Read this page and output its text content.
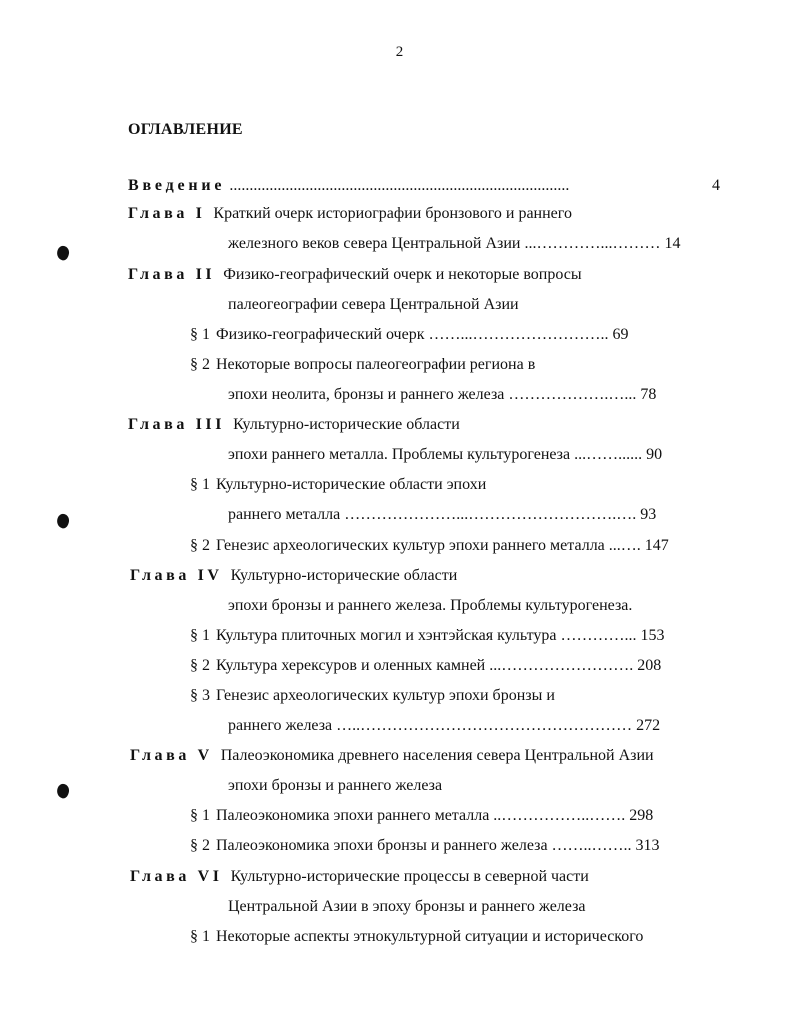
2
ОГЛАВЛЕНИЕ
Введение .....................................................................................	4
Глава I Краткий очерк историографии бронзового и раннего
железного веков севера Центральной Азии ...…………...……… 14
Глава II Физико-географический очерк и некоторые вопросы
палеогеографии севера Центральной Азии
§ 1 Физико-географический очерк ……...…………………….. 69
§ 2 Некоторые вопросы палеогеографии региона в
эпохи неолита, бронзы и раннего железа ……………….…... 78
Глава III Культурно-исторические области
эпохи раннего металла. Проблемы культурогенеза ...……...... 90
§ 1 Культурно-исторические области эпохи
раннего металла …………………...……………………….…. 93
§ 2 Генезис археологических культур эпохи раннего металла ...…. 147
Глава IV Культурно-исторические области
эпохи бронзы и раннего железа. Проблемы культурогенеза.
§ 1 Культура плиточных могил и хэнтэйская культура …………... 153
§ 2 Культура херексуров и оленных камней ...……………………. 208
§ 3 Генезис археологических культур эпохи бронзы и
раннего железа …..…………………………………………… 272
Глава V Палеоэкономика древнего населения севера Центральной Азии
эпохи бронзы и раннего железа
§ 1 Палеоэкономика эпохи раннего металла ..……………..……. 298
§ 2 Палеоэкономика эпохи бронзы и раннего железа ……..…….. 313
Глава VI Культурно-исторические процессы в северной части
Центральной Азии в эпоху бронзы и раннего железа
§ 1 Некоторые аспекты этнокультурной ситуации и исторического
